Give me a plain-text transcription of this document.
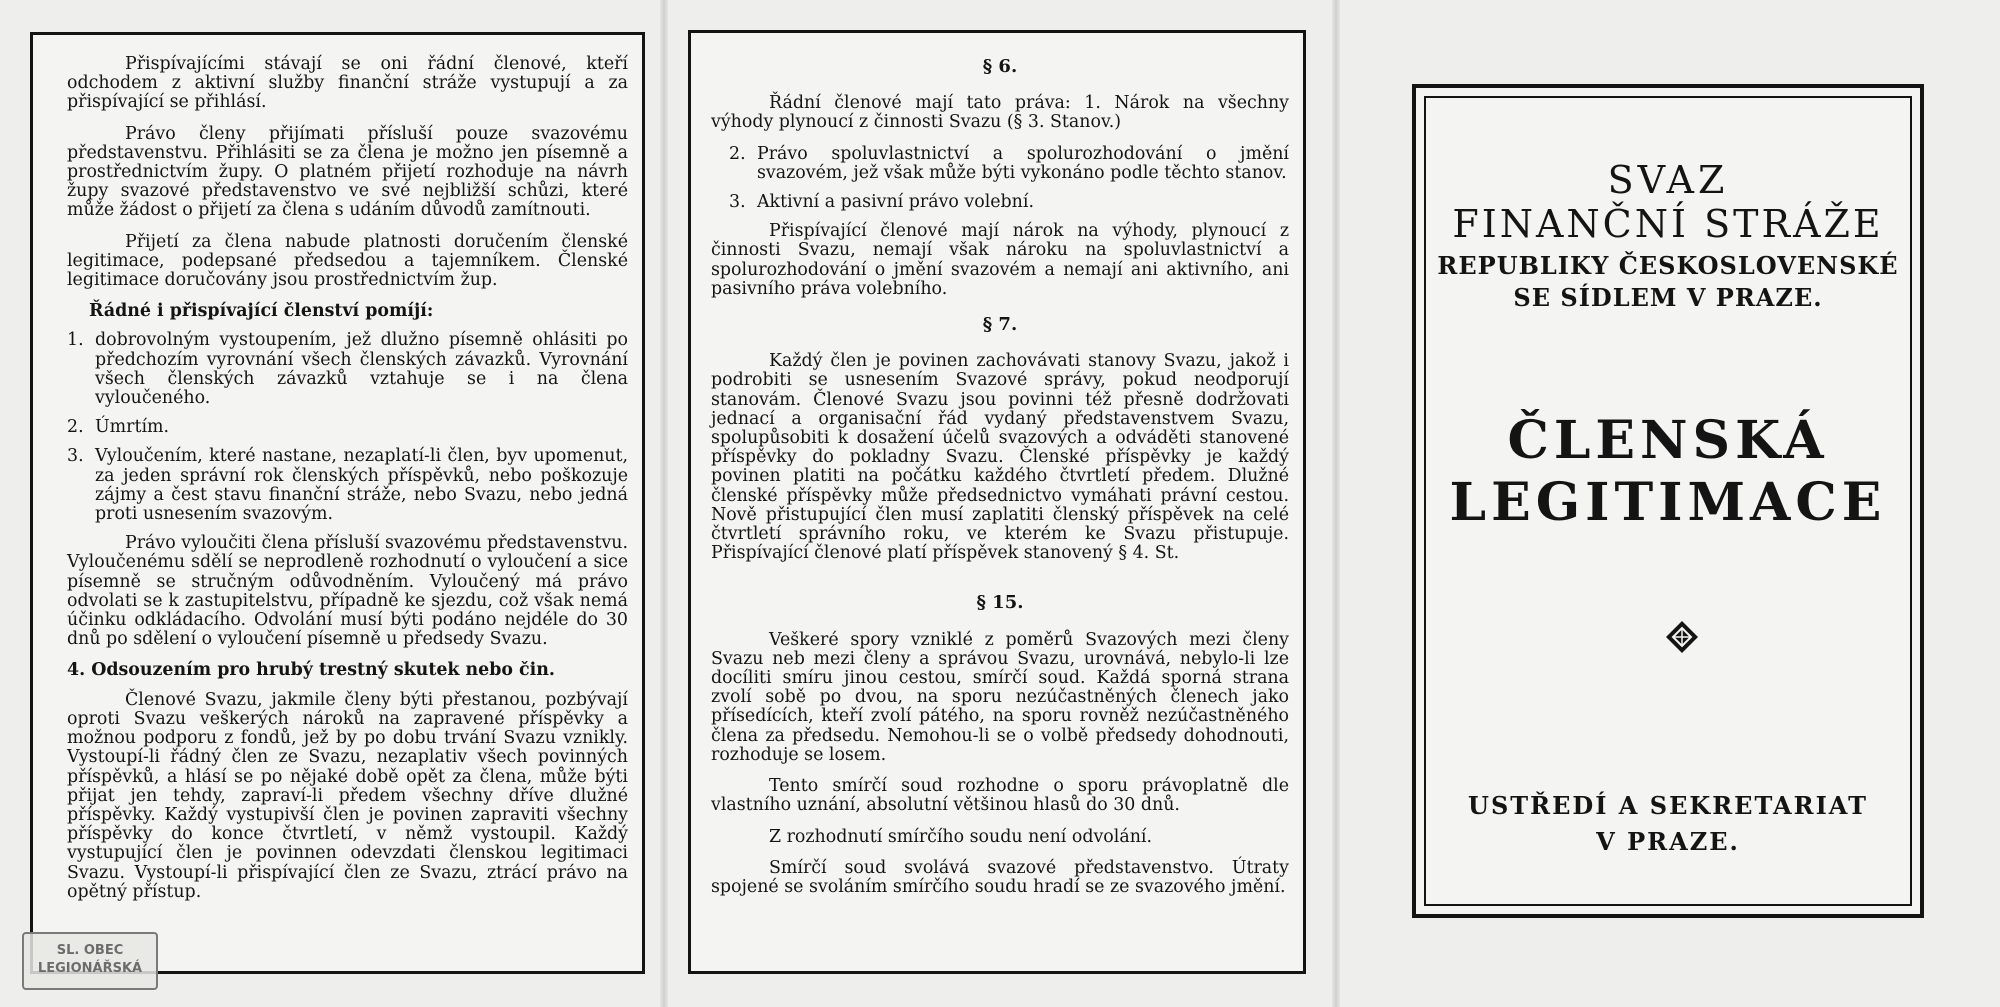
Přispívajícími stávají se oni řádní členové, kteří odchodem z aktivní služby finanční stráže vystupují a za přispívající se přihlásí.

Právo členy přijímati přísluší pouze svazovému představenstvu. Přihlásiti se za člena je možno jen písemně a prostřednictvím župy. O platném přijetí rozhoduje na návrh župy svazové představenstvo ve své nejbližší schůzi, které může žádost o přijetí za člena s udáním důvodů zamítnouti.

Přijetí za člena nabude platnosti doručením členské legitimace, podepsané předsedou a tajemníkem. Členské legitimace doručovány jsou prostřednictvím žup.

Řádné i přispívající členství pomíjí:
1. dobrovolným vystoupením, jež dlužno písemně ohlásiti po předchozím vyrovnání všech členských závazků. Vyrovnání všech členských závazků vztahuje se i na člena vyloučeného.
2. Úmrtím.
3. Vyloučením, které nastane, nezaplatí-li člen, byv upomenut, za jeden správní rok členských příspěvků, nebo poškozuje zájmy a čest stavu finanční stráže, nebo Svazu, nebo jedná proti usnesením svazovým.

Právo vyloučiti člena přísluší svazovému představenstvu. Vyloučenému sdělí se neprodleně rozhodnutí o vyloučení a sice písemně se stručným odůvodněním. Vyloučený má právo odvolati se k zastupitelstvu, případně ke sjezdu, což však nemá účinku odkládacího. Odvolání musí býti podáno nejdéle do 30 dnů po sdělení o vyloučení písemně u předsedy Svazu.

4. Odsouzením pro hrubý trestný skutek nebo čin.

Členové Svazu, jakmile členy býti přestanou, pozbývají oproti Svazu veškerých nároků na zapravené příspěvky a možnou podporu z fondů, jež by po dobu trvání Svazu vznikly. Vystoupí-li řádný člen ze Svazu, nezaplativ všech povinných příspěvků, a hlásí se po nějaké době opět za člena, může býti přijat jen tehdy, zapraví-li předem všechny dříve dlužné příspěvky. Každý vystupivší člen je povinen zapraviti všechny příspěvky do konce čtvrtletí, v němž vystoupil. Každý vystupující člen je povinnen odevzdati členskou legitimaci Svazu. Vystoupí-li přispívající člen ze Svazu, ztrácí právo na opětný přístup.

SL. OBEC
LEGIONÁŘSKÁ
§ 6.

Řádní členové mají tato práva: 1. Nárok na všechny výhody plynoucí z činnosti Svazu (§ 3. Stanov.)

2. Právo spoluvlastnictví a spolurozhodování o jmění svazovém, jež však může býti vykonáno podle těchto stanov.
3. Aktivní a pasivní právo volební.

Přispívající členové mají nárok na výhody, plynoucí z činnosti Svazu, nemají však nároku na spoluvlastnictví a spolurozhodování o jmění svazovém a nemají ani aktivního, ani pasivního práva volebního.

§ 7.

Každý člen je povinen zachovávati stanovy Svazu, jakož i podrobiti se usnesením Svazové správy, pokud neodporují stanovám. Členové Svazu jsou povinni též přesně dodržovati jednací a organisační řád vydaný představenstvem Svazu, spolupůsobiti k dosažení účelů svazových a odváděti stanovené příspěvky do pokladny Svazu. Členské příspěvky je každý povinen platiti na počátku každého čtvrtletí předem. Dlužné členské příspěvky může předsednictvo vymáhati právní cestou. Nově přistupující člen musí zaplatiti členský příspěvek na celé čtvrtletí správního roku, ve kterém ke Svazu přistupuje. Přispívající členové platí příspěvek stanovený § 4. St.

§ 15.

Veškeré spory vzniklé z poměrů Svazových mezi členy Svazu neb mezi členy a správou Svazu, urovnává, nebylo-li lze docíliti smíru jinou cestou, smírčí soud. Každá sporná strana zvolí sobě po dvou, na sporu nezúčastněných členech jako přísedících, kteří zvolí pátého, na sporu rovněž nezúčastněného člena za předsedu. Nemohou-li se o volbě předsedy dohodnouti, rozhoduje se losem.

Tento smírčí soud rozhodne o sporu právoplatně dle vlastního uznání, absolutní většinou hlasů do 30 dnů.

Z rozhodnutí smírčího soudu není odvolání.

Smírčí soud svolává svazové představenstvo. Útraty spojené se svoláním smírčího soudu hradí se ze svazového jmění.

SVAZ
FINANČNÍ STRÁŽE
REPUBLIKY ČESKOSLOVENSKÉ
SE SÍDLEM V PRAZE.
ČLENSKÁ
LEGITIMACE
USTŘEDÍ A SEKRETARIAT
V PRAZE.
